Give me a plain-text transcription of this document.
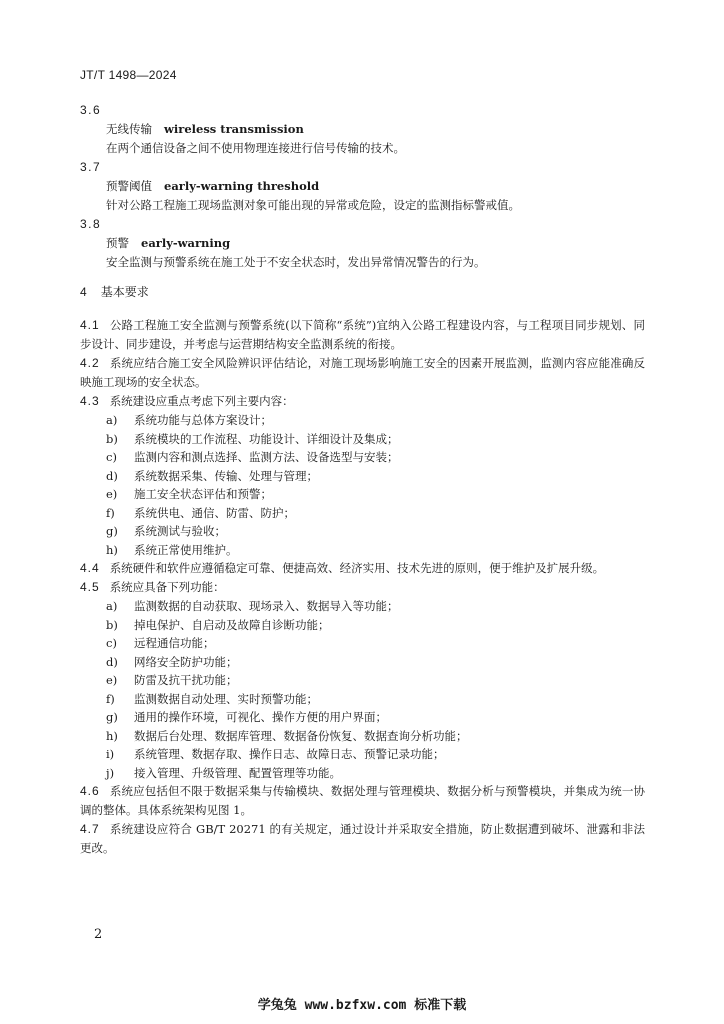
JT/T 1498—2024
3.6
无线传输 wireless transmission
在两个通信设备之间不使用物理连接进行信号传输的技术。
3.7
预警阈值 early-warning threshold
针对公路工程施工现场监测对象可能出现的异常或危险，设定的监测指标警戒值。
3.8
预警 early-warning
安全监测与预警系统在施工处于不安全状态时，发出异常情况警告的行为。
4 基本要求
4.1 公路工程施工安全监测与预警系统(以下简称“系统”)宜纳入公路工程建设内容，与工程项目同步规划、同步设计、同步建设，并考虑与运营期结构安全监测系统的衔接。
4.2 系统应结合施工安全风险辨识评估结论，对施工现场影响施工安全的因素开展监测，监测内容应能准确反映施工现场的安全状态。
4.3 系统建设应重点考虑下列主要内容：
a) 系统功能与总体方案设计；
b) 系统模块的工作流程、功能设计、详细设计及集成；
c) 监测内容和测点选择、监测方法、设备选型与安装；
d) 系统数据采集、传输、处理与管理；
e) 施工安全状态评估和预警；
f) 系统供电、通信、防雷、防护；
g) 系统测试与验收；
h) 系统正常使用维护。
4.4 系统硬件和软件应遵循稳定可靠、便捷高效、经济实用、技术先进的原则，便于维护及扩展升级。
4.5 系统应具备下列功能：
a) 监测数据的自动获取、现场录入、数据导入等功能；
b) 掉电保护、自启动及故障自诊断功能；
c) 远程通信功能；
d) 网络安全防护功能；
e) 防雷及抗干扰功能；
f) 监测数据自动处理、实时预警功能；
g) 通用的操作环境，可视化、操作方便的用户界面；
h) 数据后台处理、数据库管理、数据备份恢复、数据查询分析功能；
i) 系统管理、数据存取、操作日志、故障日志、预警记录功能；
j) 接入管理、升级管理、配置管理等功能。
4.6 系统应包括但不限于数据采集与传输模块、数据处理与管理模块、数据分析与预警模块，并集成为统一协调的整体。具体系统架构见图 1。
4.7 系统建设应符合 GB/T 20271 的有关规定，通过设计并采取安全措施，防止数据遭到破坏、泄露和非法更改。
2
学兔兔 www.bzfxw.com 标准下载
